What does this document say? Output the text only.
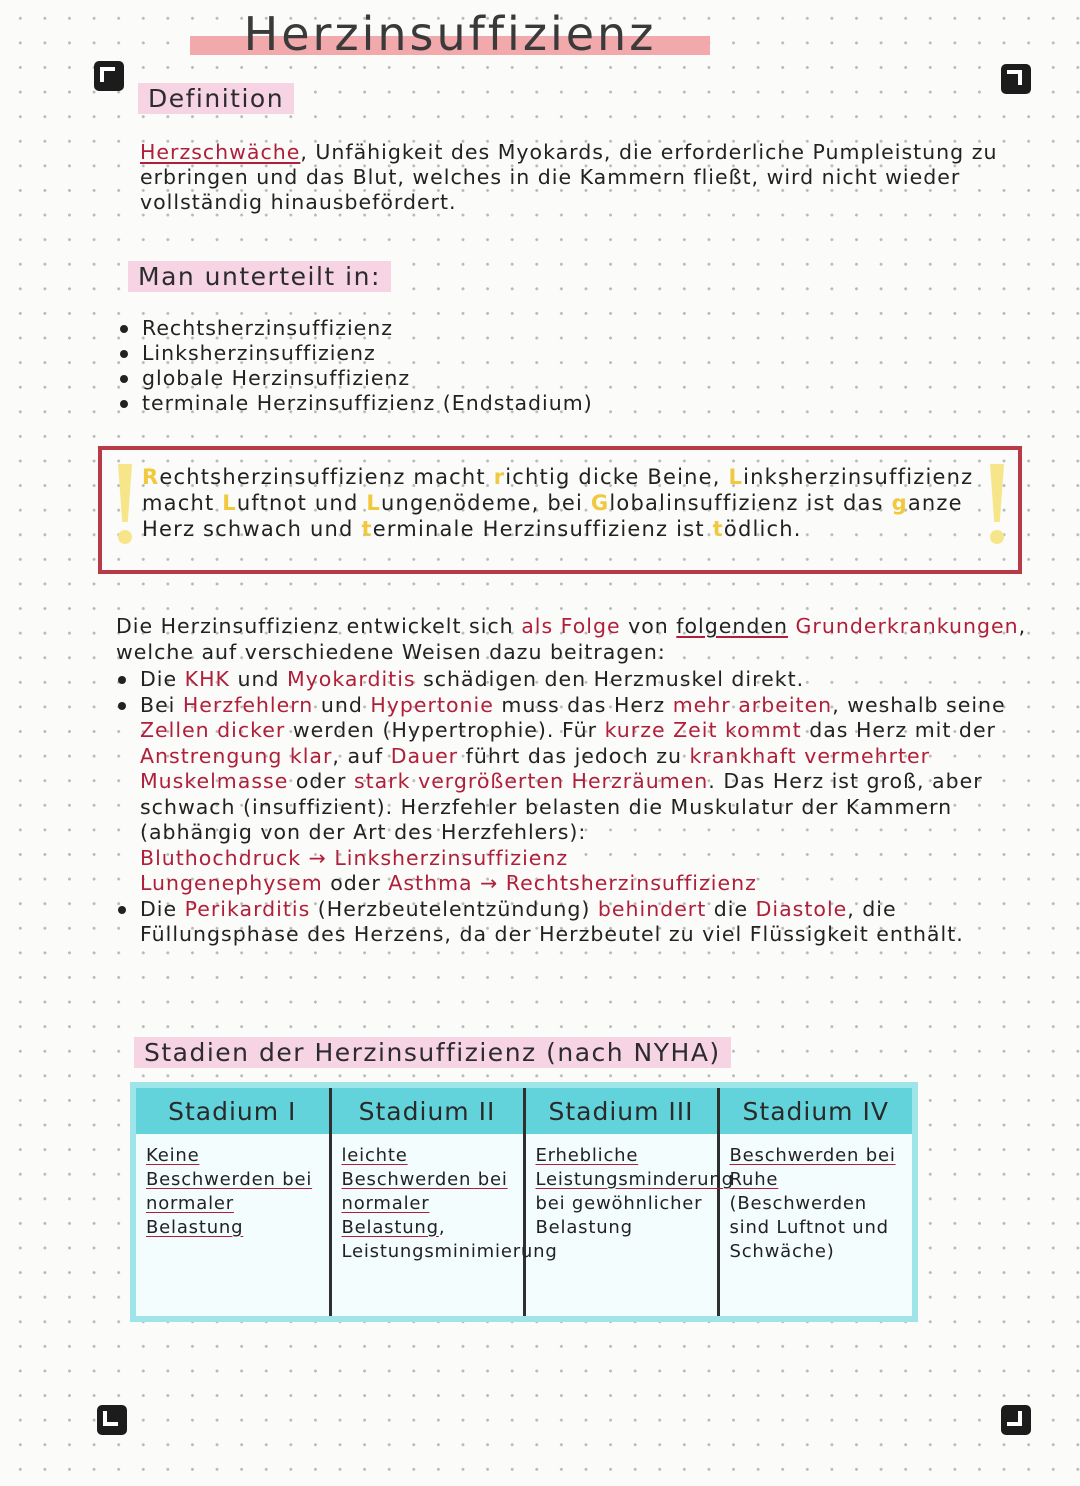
Herzinsuffizienz
Definition
Herzschwäche, Unfähigkeit des Myokards, die erforderliche Pumpleistung zu erbringen und das Blut, welches in die Kammern fließt, wird nicht wieder vollständig hinausbefördert.
Man unterteilt in:
Rechtsherzinsuffizienz
Linksherzinsuffizienz
globale Herzinsuffizienz
terminale Herzinsuffizienz (Endstadium)
Rechtsherzinsuffizienz macht richtig dicke Beine, Linksherzinsuffizienz macht Luftnot und Lungenödeme, bei Globalinsuffizienz ist das ganze Herz schwach und terminale Herzinsuffizienz ist tödlich.
Die Herzinsuffizienz entwickelt sich als Folge von folgenden Grunderkrankungen, welche auf verschiedene Weisen dazu beitragen:
Die KHK und Myokarditis schädigen den Herzmuskel direkt.
Bei Herzfehlern und Hypertonie muss das Herz mehr arbeiten, weshalb seine Zellen dicker werden (Hypertrophie). Für kurze Zeit kommt das Herz mit der Anstrengung klar, auf Dauer führt das jedoch zu krankhaft vermehrter Muskelmasse oder stark vergrößerten Herzräumen. Das Herz ist groß, aber schwach (insuffizient). Herzfehler belasten die Muskulatur der Kammern (abhängig von der Art des Herzfehlers):
Bluthochdruck → Linksherzinsuffizienz
Lungenephysem oder Asthma → Rechtsherzinsuffizienz
Die Perikarditis (Herzbeutelentzündung) behindert die Diastole, die Füllungsphase des Herzens, da der Herzbeutel zu viel Flüssigkeit enthält.
Stadien der Herzinsuffizienz (nach NYHA)
Stadium I	Stadium II	Stadium III	Stadium IV
Keine Beschwerden bei normaler Belastung	leichte Beschwerden bei normaler Belastung, Leistungsminimierung	Erhebliche Leistungsminderung bei gewöhnlicher Belastung	Beschwerden bei Ruhe
(Beschwerden sind Luftnot und Schwäche)
